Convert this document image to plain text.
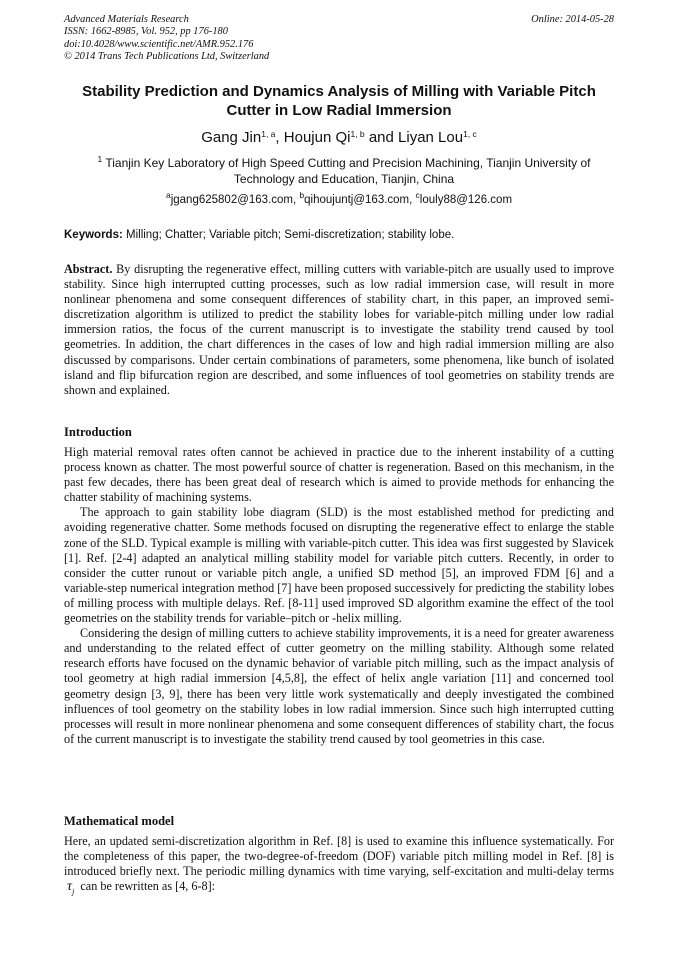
Advanced Materials Research
ISSN: 1662-8985, Vol. 952, pp 176-180
doi:10.4028/www.scientific.net/AMR.952.176
© 2014 Trans Tech Publications Ltd, Switzerland
Online: 2014-05-28
Stability Prediction and Dynamics Analysis of Milling with Variable Pitch Cutter in Low Radial Immersion
Gang Jin$^{1, a}$, Houjun Qi$^{1, b}$ and Liyan Lou$^{1, c}$
$^1$ Tianjin Key Laboratory of High Speed Cutting and Precision Machining, Tianjin University of Technology and Education, Tianjin, China
$^a$jgang625802@163.com, $^b$qihoujuntj@163.com, $^c$louly88@126.com
Keywords: Milling; Chatter; Variable pitch; Semi-discretization; stability lobe.
Abstract. By disrupting the regenerative effect, milling cutters with variable-pitch are usually used to improve stability. Since high interrupted cutting processes, such as low radial immersion case, will result in more nonlinear phenomena and some consequent differences of stability chart, in this paper, an improved semi-discretization algorithm is utilized to predict the stability lobes for variable-pitch milling under low radial immersion ratios, the focus of the current manuscript is to investigate the stability trend caused by tool geometries. In addition, the chart differences in the cases of low and high radial immersion milling are also discussed by comparisons. Under certain combinations of parameters, some phenomena, like bunch of isolated island and flip bifurcation region are described, and some influences of tool geometries on stability trends are shown and explained.
Introduction

High material removal rates often cannot be achieved in practice due to the inherent instability of a cutting process known as chatter. The most powerful source of chatter is regeneration. Based on this mechanism, in the past few decades, there has been great deal of research which is aimed to provide methods for enhancing the chatter stability of machining systems.

The approach to gain stability lobe diagram (SLD) is the most established method for predicting and avoiding regenerative chatter. Some methods focused on disrupting the regenerative effect to enlarge the stable zone of the SLD. Typical example is milling with variable-pitch cutter. This idea was first suggested by Slavicek [1]. Ref. [2-4] adapted an analytical milling stability model for variable pitch cutters. Recently, in order to consider the cutter runout or variable pitch angle, a unified SD method [5], an improved FDM [6] and a variable-step numerical integration method [7] have been proposed successively for predicting the stability lobes of milling process with multiple delays. Ref. [8-11] used improved SD algorithm examine the effect of the tool geometries on the stability trends for variable–pitch or -helix milling.

Considering the design of milling cutters to achieve stability improvements, it is a need for greater awareness and understanding to the related effect of cutter geometry on the milling stability. Although some related research efforts have focused on the dynamic behavior of variable pitch milling, such as the impact analysis of tool geometry at high radial immersion [4,5,8], the effect of helix angle variation [11] and concerned tool geometry design [3, 9], there has been very little work systematically and deeply investigated the combined influences of tool geometry on the stability lobes in low radial immersion. Since such high interrupted cutting processes will result in more nonlinear phenomena and some consequent differences of stability chart, the focus of the current manuscript is to investigate the stability trend caused by tool geometries in this case.

Mathematical model

Here, an updated semi-discretization algorithm in Ref. [8] is used to examine this influence systematically. For the completeness of this paper, the two-degree-of-freedom (DOF) variable pitch milling model in Ref. [8] is introduced briefly next. The periodic milling dynamics with time varying, self-excitation and multi-delay terms  $\tau_j$ can be rewritten as [4, 6-8]:
